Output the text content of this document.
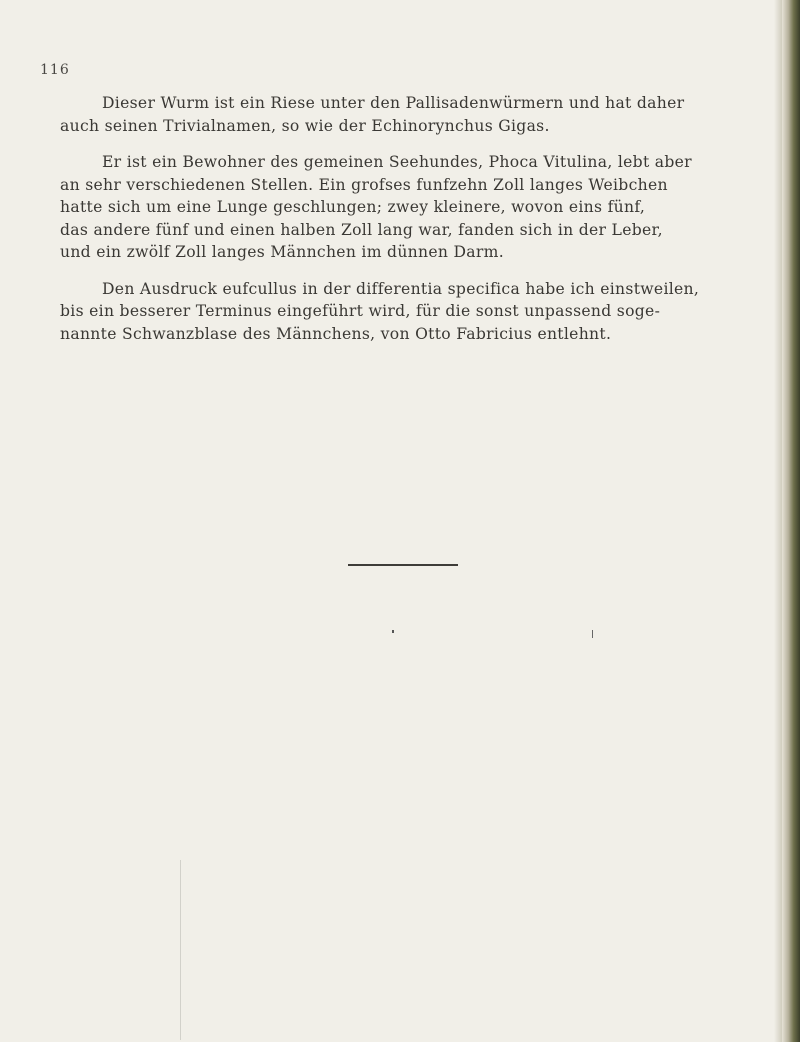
116

Dieser Wurm ist ein Riese unter den Pallisadenwürmern und hat daher
auch seinen Trivialnamen, so wie der Echinorynchus Gigas.

Er ist ein Bewohner des gemeinen Seehundes, Phoca Vitulina, lebt aber
an sehr verschiedenen Stellen. Ein grofses funfzehn Zoll langes Weibchen
hatte sich um eine Lunge geschlungen; zwey kleinere, wovon eins fünf,
das andere fünf und einen halben Zoll lang war, fanden sich in der Leber,
und ein zwölf Zoll langes Männchen im dünnen Darm.

Den Ausdruck eufcullus in der differentia specifica habe ich einstweilen,
bis ein besserer Terminus eingeführt wird, für die sonst unpassend soge-
nannte Schwanzblase des Männchens, von Otto Fabricius entlehnt.
